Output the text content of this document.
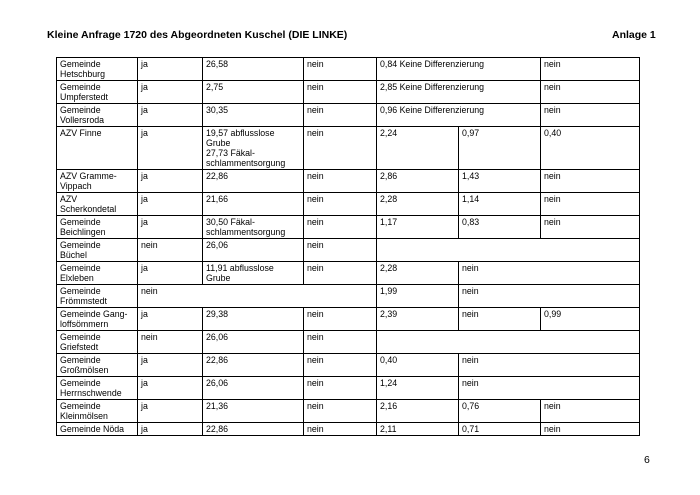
Kleine Anfrage 1720 des Abgeordneten Kuschel (DIE LINKE)	Anlage 1
Gemeinde
Hetschburg	ja	26,58	nein	0,84 Keine Differenzierung		nein
Gemeinde
Umpferstedt	ja	2,75	nein	2,85 Keine Differenzierung		nein
Gemeinde
Vollersroda	ja	30,35	nein	0,96 Keine Differenzierung		nein
AZV Finne	ja	19,57 abflusslose
Grube
27,73 Fäkal-
schlammentsorgung	nein	2,24	0,97	0,40
AZV Gramme-
Vippach	ja	22,86	nein	2,86	1,43	nein
AZV
Scherkondetal	ja	21,66	nein	2,28	1,14	nein
Gemeinde
Beichlingen	ja	30,50 Fäkal-
schlammentsorgung	nein	1,17	0,83	nein
Gemeinde
Büchel	nein	26,06	nein			
Gemeinde
Elxleben	ja	11,91 abflusslose
Grube	nein	2,28	nein	
Gemeinde
Frömmstedt	nein			1,99	nein	
Gemeinde Gang-
loffsömmern	ja	29,38	nein	2,39	nein	0,99
Gemeinde
Griefstedt	nein	26,06	nein			
Gemeinde
Großmölsen	ja	22,86	nein	0,40	nein	
Gemeinde
Herrnschwende	ja	26,06	nein	1,24	nein	
Gemeinde
Kleinmölsen	ja	21,36	nein	2,16	0,76	nein
Gemeinde Nöda	ja	22,86	nein	2,11	0,71	nein
6
